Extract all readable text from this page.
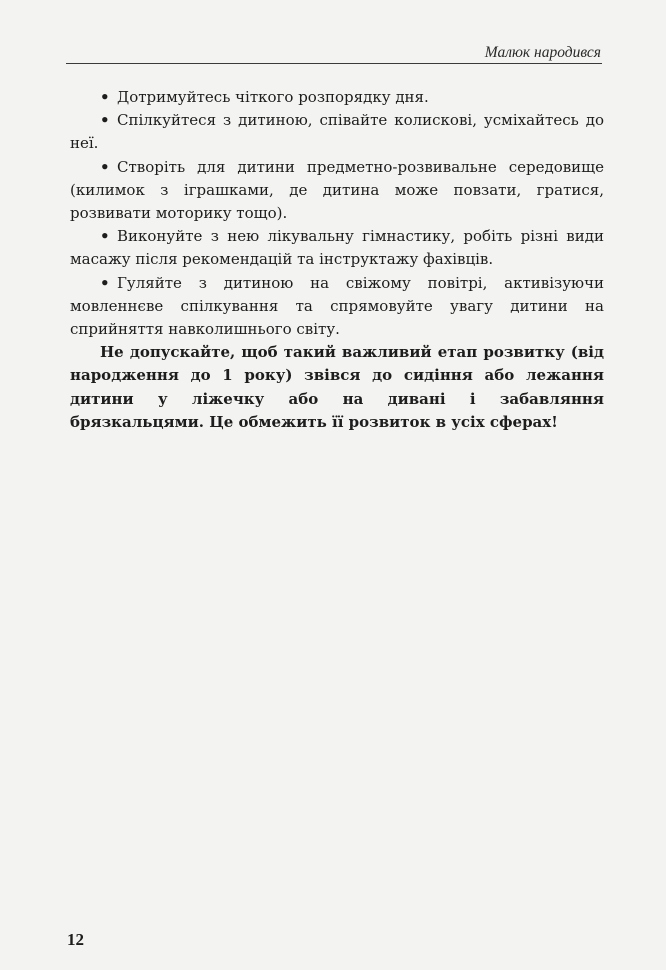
Малюк народився

• Дотримуйтесь чіткого розпорядку дня.

• Спілкуйтеся з дитиною, співайте колискові, усміхайтесь до неї.

• Створіть для дитини предметно-розвивальне середовище (килимок з іграшками, де дитина може повзати, гратися, розвивати моторику тощо).

• Виконуйте з нею лікувальну гімнастику, робіть різні види масажу після рекомендацій та інструктажу фахівців.

• Гуляйте з дитиною на свіжому повітрі, активізуючи мовленнєве спілкування та спрямовуйте увагу дитини на сприйняття навколишнього світу.

Не допускайте, щоб такий важливий етап розвитку (від народження до 1 року) звівся до сидіння або лежання дитини у ліжечку або на дивані і забавляння брязкальцями. Це обмежить її розвиток в усіх сферах!

12
